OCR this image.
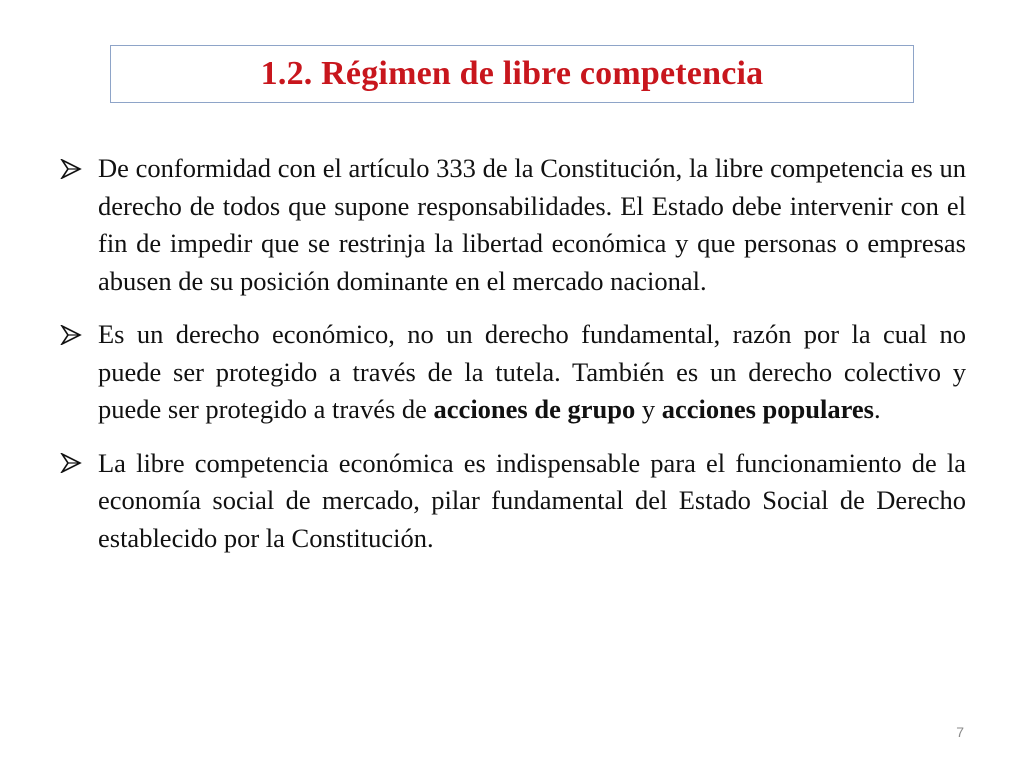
1.2. Régimen de libre competencia
De conformidad con el artículo 333 de la Constitución, la libre competencia es un derecho de todos que supone responsabilidades. El Estado debe intervenir con el fin de impedir que se restrinja la libertad económica y que personas o empresas abusen de su posición dominante en el mercado nacional.
Es un derecho económico, no un derecho fundamental, razón por la cual no puede ser protegido a través de la tutela. También es un derecho colectivo y puede ser protegido a través de acciones de grupo y acciones populares.
La libre competencia económica es indispensable para el funcionamiento de la economía social de mercado, pilar fundamental del Estado Social de Derecho establecido por la Constitución.
7
